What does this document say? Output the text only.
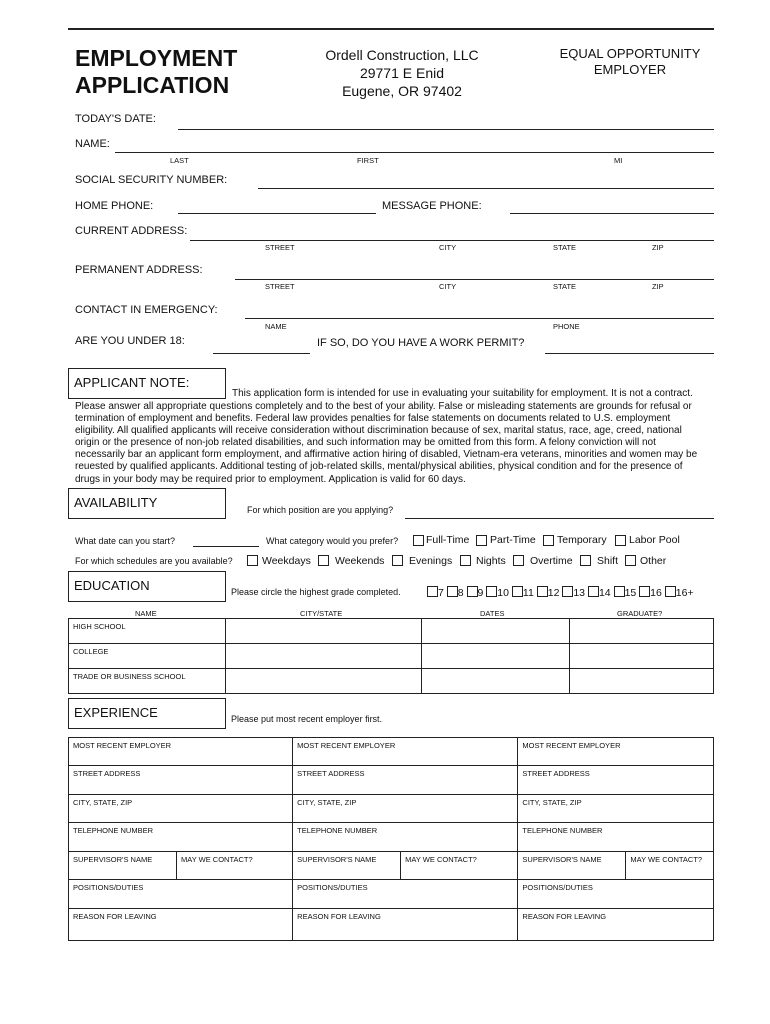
EMPLOYMENT
APPLICATION
Ordell Construction, LLC
29771 E Enid
Eugene, OR 97402
EQUAL OPPORTUNITY
EMPLOYER
TODAY'S DATE:
NAME:
LAST	FIRST	MI
SOCIAL SECURITY NUMBER:
HOME PHONE:	MESSAGE PHONE:
CURRENT ADDRESS:
STREET	CITY	STATE	ZIP
PERMANENT ADDRESS:
STREET	CITY	STATE	ZIP
CONTACT IN EMERGENCY:
NAME	PHONE
ARE YOU UNDER 18:	IF SO, DO YOU HAVE A WORK PERMIT?
APPLICANT NOTE:
This application form is intended for use in evaluating your suitability for employment. It is not a contract.
Please answer all appropriate questions completely and to the best of your ability. False or misleading statements are grounds for refusal or
termination of employment and benefits. Federal law provides penalties for false statements on documents related to U.S. employment
eligibility. All qualified applicants will receive consideration without discrimination because of sex, marital status, race, age, creed, national
origin or the presence of non-job related disabilities, and such information may be omitted from this form. A felony conviction will not
necessarily bar an applicant form employment, and affirmative action hiring of disabled, Vietnam-era veterans, minorities and women may be
reuested by qualified applicants. Additional testing of job-related skills, mental/physical abilities, physical condition and for the presence of
drugs in your body may be required prior to employment. Application is valid for 60 days.
AVAILABILITY	For which position are you applying?
What date can you start?	What category would you prefer?	Full-Time Part-Time Temporary Labor Pool
For which schedules are you available?	Weekdays Weekends Evenings Nights Overtime Shift Other
EDUCATION	Please circle the highest grade completed.	7 8 9 10 11 12 13 14 15 16 16+
NAME	CITY/STATE	DATES	GRADUATE?
HIGH SCHOOL			
COLLEGE			
TRADE OR BUSINESS SCHOOL			
EXPERIENCE	Please put most recent employer first.
MOST RECENT EMPLOYER		MOST RECENT EMPLOYER		MOST RECENT EMPLOYER	
STREET ADDRESS		STREET ADDRESS		STREET ADDRESS	
CITY, STATE, ZIP		CITY, STATE, ZIP		CITY, STATE, ZIP	
TELEPHONE NUMBER		TELEPHONE NUMBER		TELEPHONE NUMBER	
SUPERVISOR'S NAME	MAY WE CONTACT?	SUPERVISOR'S NAME	MAY WE CONTACT?	SUPERVISOR'S NAME	MAY WE CONTACT?
POSITIONS/DUTIES		POSITIONS/DUTIES		POSITIONS/DUTIES	
REASON FOR LEAVING		REASON FOR LEAVING		REASON FOR LEAVING	
